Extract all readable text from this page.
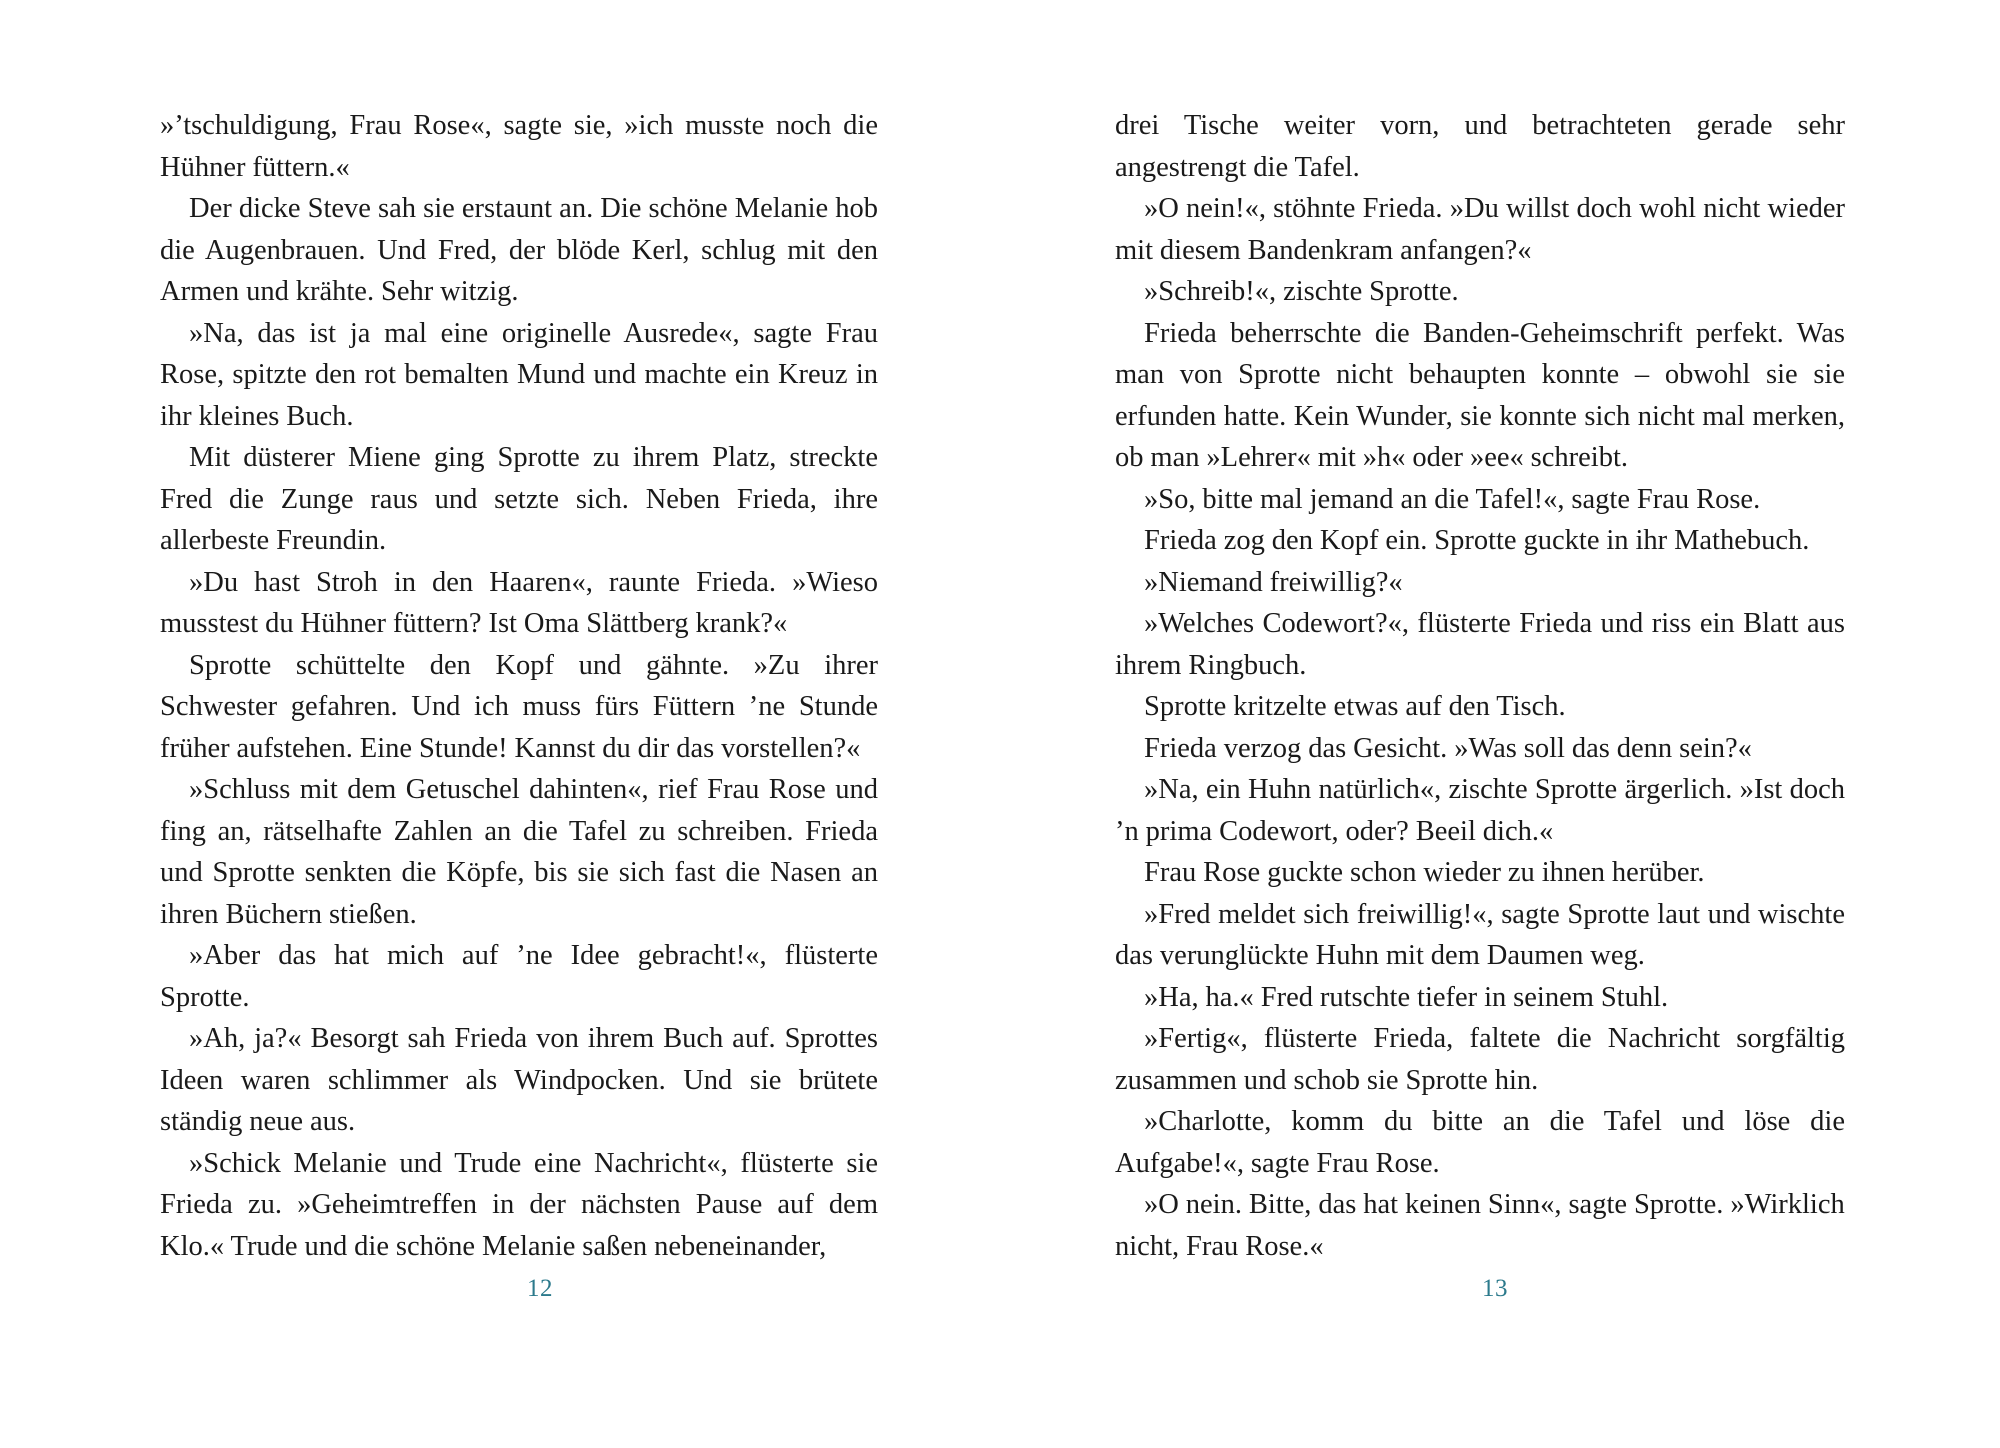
»’tschuldigung, Frau Rose«, sagte sie, »ich musste noch die Hühner füttern.«

Der dicke Steve sah sie erstaunt an. Die schöne Melanie hob die Augenbrauen. Und Fred, der blöde Kerl, schlug mit den Armen und krähte. Sehr witzig.

»Na, das ist ja mal eine originelle Ausrede«, sagte Frau Rose, spitzte den rot bemalten Mund und machte ein Kreuz in ihr kleines Buch.

Mit düsterer Miene ging Sprotte zu ihrem Platz, streckte Fred die Zunge raus und setzte sich. Neben Frieda, ihre allerbeste Freundin.

»Du hast Stroh in den Haaren«, raunte Frieda. »Wieso musstest du Hühner füttern? Ist Oma Slättberg krank?«

Sprotte schüttelte den Kopf und gähnte. »Zu ihrer Schwester gefahren. Und ich muss fürs Füttern ’ne Stunde früher aufstehen. Eine Stunde! Kannst du dir das vorstellen?«

»Schluss mit dem Getuschel dahinten«, rief Frau Rose und fing an, rätselhafte Zahlen an die Tafel zu schreiben. Frieda und Sprotte senkten die Köpfe, bis sie sich fast die Nasen an ihren Büchern stießen.

»Aber das hat mich auf ’ne Idee gebracht!«, flüsterte Sprotte.

»Ah, ja?« Besorgt sah Frieda von ihrem Buch auf. Sprottes Ideen waren schlimmer als Windpocken. Und sie brütete ständig neue aus.

»Schick Melanie und Trude eine Nachricht«, flüsterte sie Frieda zu. »Geheimtreffen in der nächsten Pause auf dem Klo.« Trude und die schöne Melanie saßen nebeneinander,

12

drei Tische weiter vorn, und betrachteten gerade sehr angestrengt die Tafel.

»O nein!«, stöhnte Frieda. »Du willst doch wohl nicht wieder mit diesem Bandenkram anfangen?«

»Schreib!«, zischte Sprotte.

Frieda beherrschte die Banden-Geheimschrift perfekt. Was man von Sprotte nicht behaupten konnte – obwohl sie sie erfunden hatte. Kein Wunder, sie konnte sich nicht mal merken, ob man »Lehrer« mit »h« oder »ee« schreibt.

»So, bitte mal jemand an die Tafel!«, sagte Frau Rose.

Frieda zog den Kopf ein. Sprotte guckte in ihr Mathebuch.

»Niemand freiwillig?«

»Welches Codewort?«, flüsterte Frieda und riss ein Blatt aus ihrem Ringbuch.

Sprotte kritzelte etwas auf den Tisch.

Frieda verzog das Gesicht. »Was soll das denn sein?«

»Na, ein Huhn natürlich«, zischte Sprotte ärgerlich. »Ist doch ’n prima Codewort, oder? Beeil dich.«

Frau Rose guckte schon wieder zu ihnen herüber.

»Fred meldet sich freiwillig!«, sagte Sprotte laut und wischte das verunglückte Huhn mit dem Daumen weg.

»Ha, ha.« Fred rutschte tiefer in seinem Stuhl.

»Fertig«, flüsterte Frieda, faltete die Nachricht sorgfältig zusammen und schob sie Sprotte hin.

»Charlotte, komm du bitte an die Tafel und löse die Aufgabe!«, sagte Frau Rose.

»O nein. Bitte, das hat keinen Sinn«, sagte Sprotte. »Wirklich nicht, Frau Rose.«

13
